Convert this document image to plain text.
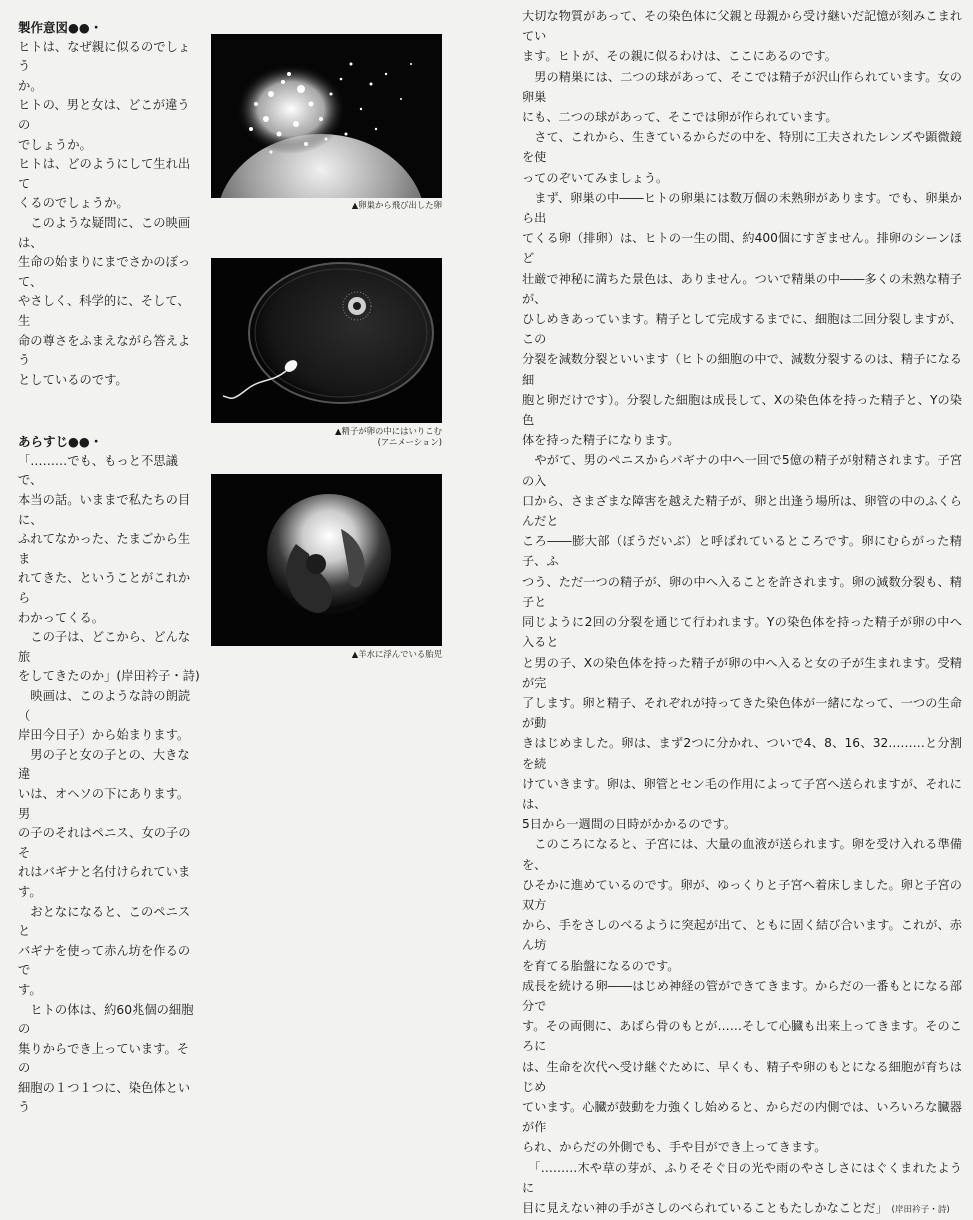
製作意図●●・

ヒトは、なぜ親に似るのでしょう

か。

ヒトの、男と女は、どこが違うの

でしょうか。

ヒトは、どのようにして生れ出て

くるのでしょうか。

　このような疑問に、この映画は、

生命の始まりにまでさかのぼって、

やさしく、科学的に、そして、生

命の尊さをふまえながら答えよう

としているのです。

あらすじ●●・

「………でも、もっと不思議で、

本当の話。いままで私たちの目に、

ふれてなかった、たまごから生ま

れてきた、ということがこれから

わかってくる。

　この子は、どこから、どんな旅

をしてきたのか」(岸田衿子・詩)

　映画は、このような詩の朗読（

岸田今日子）から始まります。

　男の子と女の子との、大きな違

いは、オヘソの下にあります。男

の子のそれはペニス、女の子のそ

れはバギナと名付けられています。

　おとなになると、このペニスと

バギナを使って赤ん坊を作るので

す。

　ヒトの体は、約60兆個の細胞の

集りからでき上っています。その

細胞の１つ１つに、染色体という

▲卵巣から飛び出した卵
▲精子が卵の中にはいりこむ
(アニメーション)
▲羊水に浮んでいる胎児

大切な物質があって、その染色体に父親と母親から受け継いだ記憶が刻みこまれてい

ます。ヒトが、その親に似るわけは、ここにあるのです。

　男の精巣には、二つの球があって、そこでは精子が沢山作られています。女の卵巣

にも、二つの球があって、そこでは卵が作られています。

　さて、これから、生きているからだの中を、特別に工夫されたレンズや顕微鏡を使

ってのぞいてみましょう。

　まず、卵巣の中――ヒトの卵巣には数万個の未熟卵があります。でも、卵巣から出

てくる卵（排卵）は、ヒトの一生の間、約400個にすぎません。排卵のシーンほど

壮厳で神秘に満ちた景色は、ありません。ついで精巣の中――多くの未熟な精子が、

ひしめきあっています。精子として完成するまでに、細胞は二回分裂しますが、この

分裂を減数分裂といいます（ヒトの細胞の中で、減数分裂するのは、精子になる細

胞と卵だけです）。分裂した細胞は成長して、Xの染色体を持った精子と、Yの染色

体を持った精子になります。

　やがて、男のペニスからバギナの中へ一回で5億の精子が射精されます。子宮の入

口から、さまざまな障害を越えた精子が、卵と出逢う場所は、卵管の中のふくらんだと

ころ――膨大部（ぼうだいぶ）と呼ばれているところです。卵にむらがった精子、ふ

つう、ただ一つの精子が、卵の中へ入ることを許されます。卵の減数分裂も、精子と

同じように2回の分裂を通じて行われます。Yの染色体を持った精子が卵の中へ入ると

と男の子、Xの染色体を持った精子が卵の中へ入ると女の子が生まれます。受精が完

了します。卵と精子、それぞれが持ってきた染色体が一緒になって、一つの生命が動

きはじめました。卵は、まず2つに分かれ、ついで4、8、16、32………と分割を続

けていきます。卵は、卵管とセン毛の作用によって子宮へ送られますが、それには、

5日から一週間の日時がかかるのです。

　このころになると、子宮には、大量の血液が送られます。卵を受け入れる準備を、

ひそかに進めているのです。卵が、ゆっくりと子宮へ着床しました。卵と子宮の双方

から、手をさしのべるように突起が出て、ともに固く結び合います。これが、赤ん坊

を育てる胎盤になるのです。

成長を続ける卵――はじめ神経の管ができてきます。からだの一番もとになる部分で

す。その両側に、あばら骨のもとが……そして心臓も出来上ってきます。そのころに

は、生命を次代へ受け継ぐために、早くも、精子や卵のもとになる細胞が育ちはじめ

ています。心臓が鼓動を力強くし始めると、からだの内側では、いろいろな臓器が作

られ、からだの外側でも、手や目ができ上ってきます。

　「………木や草の芽が、ふりそそぐ日の光や雨のやさしさにはぐくまれたように

目に見えない神の手がさしのべられていることもたしかなことだ」 (岸田衿子・詩)
